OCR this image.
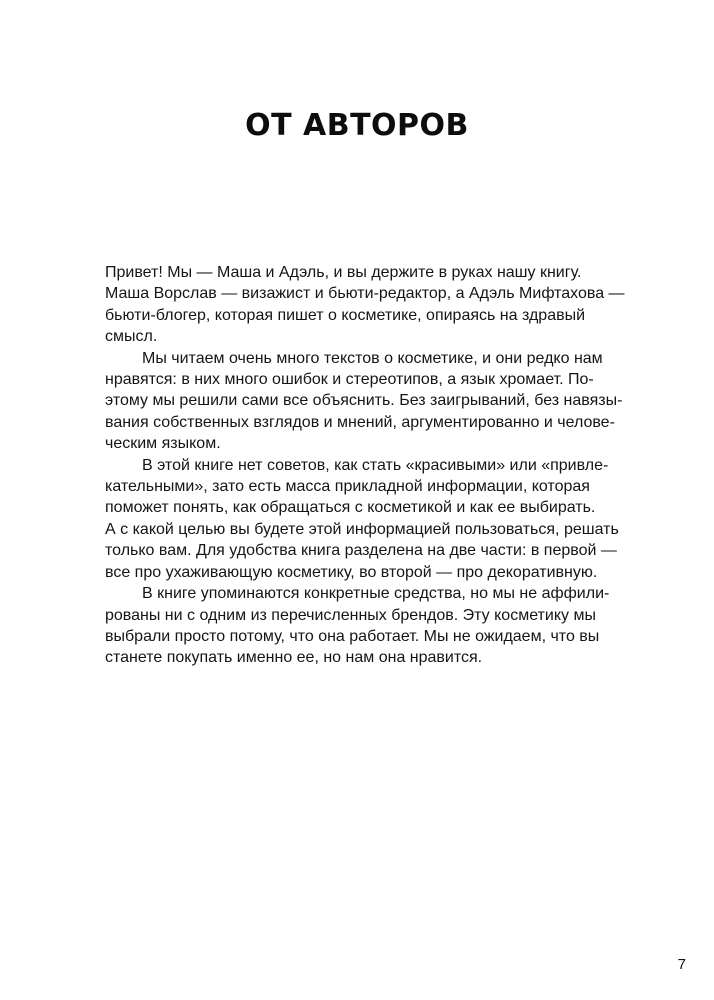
ОТ АВТОРОВ

Привет! Мы — Маша и Адэль, и вы держите в руках нашу книгу.
Маша Ворслав — визажист и бьюти-редактор, а Адэль Мифтахова —
бьюти-блогер, которая пишет о косметике, опираясь на здравый
смысл.

Мы читаем очень много текстов о косметике, и они редко нам
нравятся: в них много ошибок и стереотипов, а язык хромает. По-
этому мы решили сами все объяснить. Без заигрываний, без навязы-
вания собственных взглядов и мнений, аргументированно и челове-
ческим языком.

В этой книге нет советов, как стать «красивыми» или «привле-
кательными», зато есть масса прикладной информации, которая
поможет понять, как обращаться с косметикой и как ее выбирать.
А с какой целью вы будете этой информацией пользоваться, решать
только вам. Для удобства книга разделена на две части: в первой —
все про ухаживающую косметику, во второй — про декоративную.

В книге упоминаются конкретные средства, но мы не аффили-
рованы ни с одним из перечисленных брендов. Эту косметику мы
выбрали просто потому, что она работает. Мы не ожидаем, что вы
станете покупать именно ее, но нам она нравится.

7
